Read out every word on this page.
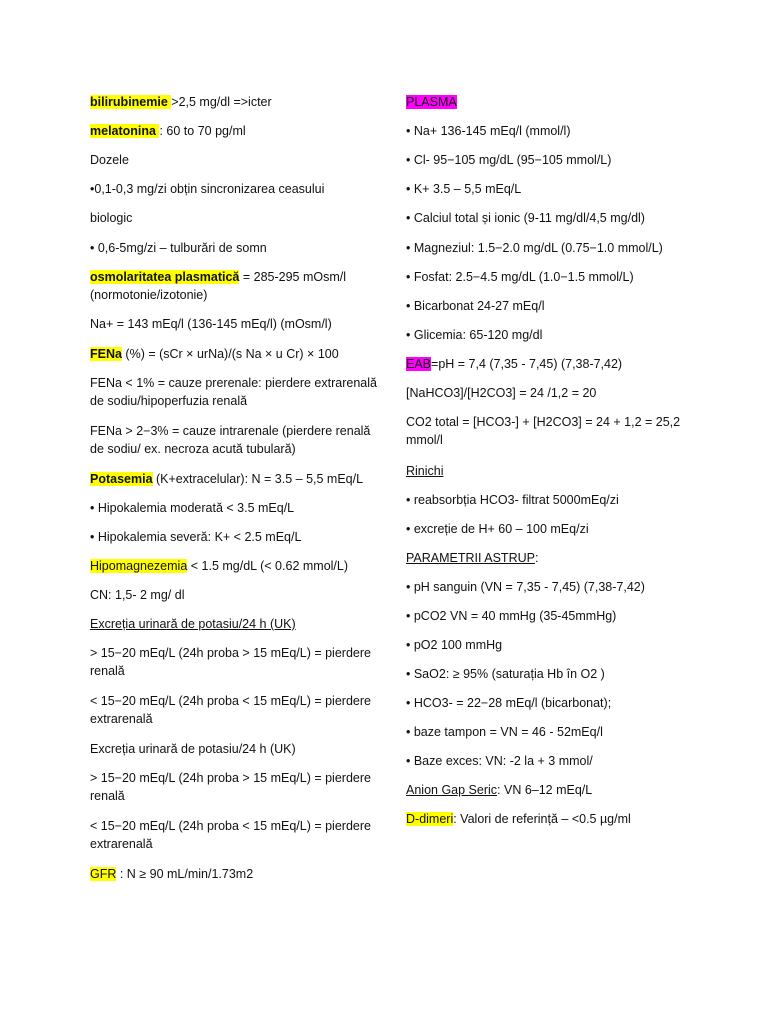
bilirubinemie >2,5 mg/dl =>icter

melatonina : 60 to 70 pg/ml

Dozele

•0,1-0,3 mg/zi obțin sincronizarea ceasului

biologic

• 0,6-5mg/zi – tulburări de somn

osmolaritatea plasmatică = 285-295 mOsm/l (normotonie/izotonie)

Na+ = 143 mEq/l (136-145 mEq/l) (mOsm/l)

FENa (%) = (sCr × urNa)/(s Na × u Cr) × 100

FENa < 1% = cauze prerenale: pierdere extrarenală de sodiu/hipoperfuzia renală

FENa > 2−3% = cauze intrarenale (pierdere renală de sodiu/ ex. necroza acută tubulară)

Potasemia (K+extracelular): N = 3.5 – 5,5 mEq/L

• Hipokalemia moderată < 3.5 mEq/L

• Hipokalemia severă: K+ < 2.5 mEq/L

Hipomagnezemia < 1.5 mg/dL (< 0.62 mmol/L)

CN: 1,5- 2 mg/ dl

Excreția urinară de potasiu/24 h (UK)

> 15−20 mEq/L (24h proba > 15 mEq/L) = pierdere renală

< 15−20 mEq/L (24h proba < 15 mEq/L) = pierdere extrarenală

Excreția urinară de potasiu/24 h (UK)

> 15−20 mEq/L (24h proba > 15 mEq/L) = pierdere renală

< 15−20 mEq/L (24h proba < 15 mEq/L) = pierdere extrarenală

GFR : N ≥ 90 mL/min/1.73m2

PLASMA

• Na+ 136-145 mEq/l (mmol/l)

• Cl- 95−105 mg/dL (95−105 mmol/L)

• K+ 3.5 – 5,5 mEq/L

• Calciul total și ionic (9-11 mg/dl/4,5 mg/dl)

• Magneziul: 1.5−2.0 mg/dL (0.75−1.0 mmol/L)

• Fosfat: 2.5−4.5 mg/dL (1.0−1.5 mmol/L)

• Bicarbonat 24-27 mEq/l

• Glicemia: 65-120 mg/dl

EAB=pH = 7,4 (7,35 - 7,45) (7,38-7,42)

[NaHCO3]/[H2CO3] = 24 /1,2 = 20

CO2 total = [HCO3-] + [H2CO3] = 24 + 1,2 = 25,2 mmol/l

Rinichi

• reabsorbția HCO3- filtrat 5000mEq/zi

• excreție de H+ 60 – 100 mEq/zi

PARAMETRII ASTRUP:

• pH sanguin (VN = 7,35 - 7,45) (7,38-7,42)

• pCO2 VN = 40 mmHg (35-45mmHg)

• pO2 100 mmHg

• SaO2: ≥ 95% (saturația Hb în O2 )

• HCO3- = 22−28 mEq/l (bicarbonat);

• baze tampon = VN = 46 - 52mEq/l

• Baze exces: VN: -2 la + 3 mmol/

Anion Gap Seric: VN 6–12 mEq/L

D-dimeri: Valori de referință – <0.5 µg/ml
